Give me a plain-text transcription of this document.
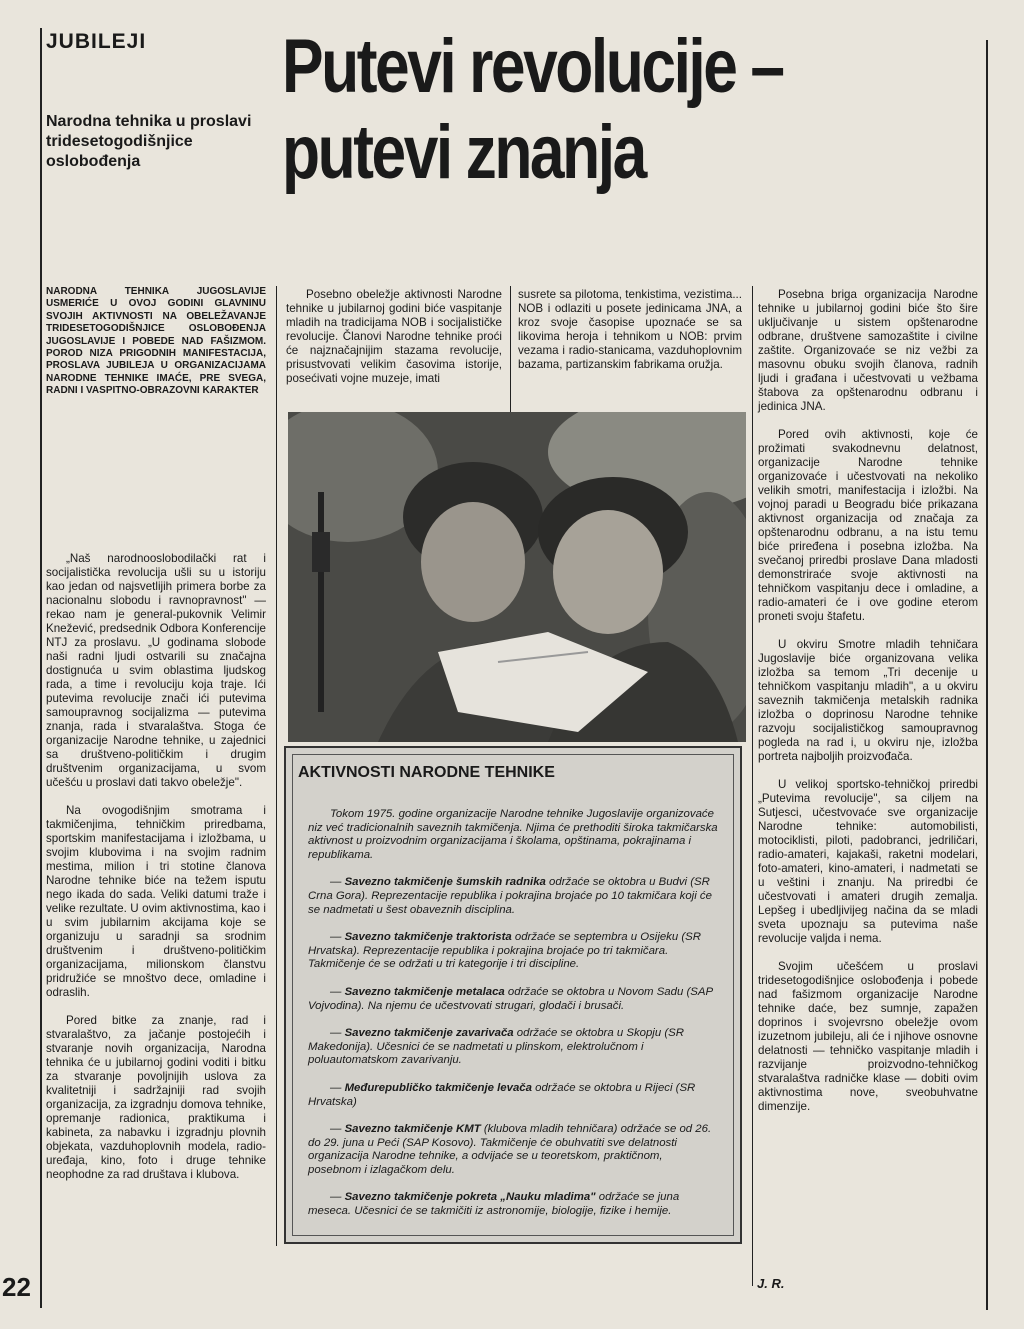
JUBILEJI
Narodna tehnika u proslavi tridesetogodišnjice oslobođenja
Putevi revolucije –
putevi znanja
NARODNA TEHNIKA JUGOSLAVIJE USMERIĆE U OVOJ GODINI GLAVNINU SVOJIH AKTIVNOSTI NA OBELEŽAVANJE TRIDESETOGODIŠNJICE OSLOBOĐENJA JUGOSLAVIJE I POBEDE NAD FAŠIZMOM. POROD NIZA PRIGODNIH MANIFESTACIJA, PROSLAVA JUBILEJA U ORGANIZACIJAMA NARODNE TEHNIKE IMAĆE, PRE SVEGA, RADNI I VASPITNO-OBRAZOVNI KARAKTER

„Naš narodnooslobodilački rat i socijalistička revolucija ušli su u istoriju kao jedan od najsvetlijih primera borbe za nacionalnu slobodu i ravnopravnost" — rekao nam je general-pukovnik Velimir Knežević, predsednik Odbora Konferencije NTJ za proslavu. „U godinama slobode naši radni ljudi ostvarili su značajna dostignuća u svim oblastima ljudskog rada, a time i revoluciju koja traje. Ići putevima revolucije znači ići putevima samoupravnog socijalizma — putevima znanja, rada i stvaralaštva. Stoga će organizacije Narodne tehnike, u zajednici sa društveno-političkim i drugim društvenim organizacijama, u svom učešću u proslavi dati takvo obeležje".

Na ovogodišnjim smotrama i takmičenjima, tehničkim priredbama, sportskim manifestacijama i izložbama, u svojim klubovima i na svojim radnim mestima, milion i tri stotine članova Narodne tehnike biće na težem isputu nego ikada do sada. Veliki datumi traže i velike rezultate. U ovim aktivnostima, kao i u svim jubilarnim akcijama koje se organizuju u saradnji sa srodnim društvenim i društveno-političkim organizacijama, milionskom članstvu pridružiće se mnoštvo dece, omladine i odraslih.

Pored bitke za znanje, rad i stvaralaštvo, za jačanje postojećih i stvaranje novih organizacija, Narodna tehnika će u jubilarnoj godini voditi i bitku za stvaranje povoljnijih uslova za kvalitetniji i sadržajniji rad svojih organizacija, za izgradnju domova tehnike, opremanje radionica, praktikuma i kabineta, za nabavku i izgradnju plovnih objekata, vazduhoplovnih modela, radio-uređaja, kino, foto i druge tehnike neophodne za rad društava i klubova.

Posebno obeležje aktivnosti Narodne tehnike u jubilarnoj godini biće vaspitanje mladih na tradicijama NOB i socijalističke revolucije. Članovi Narodne tehnike proći će najznačajnijim stazama revolucije, prisustvovati velikim časovima istorije, posećivati vojne muzeje, imati

susrete sa pilotoma, tenkistima, vezistima... NOB i odlaziti u posete jedinicama JNA, a kroz svoje časopise upoznaće se sa likovima heroja i tehnikom u NOB: prvim vezama i radio-stanicama, vazduhoplovnim bazama, partizanskim fabrikama oružja.

AKTIVNOSTI NARODNE TEHNIKE

Tokom 1975. godine organizacije Narodne tehnike Jugoslavije organizovaće niz već tradicionalnih saveznih takmičenja. Njima će prethoditi široka takmičarska aktivnost u proizvodnim organizacijama i školama, opštinama, pokrajinama i republikama.

— Savezno takmičenje šumskih radnika održaće se oktobra u Budvi (SR Crna Gora). Reprezentacije republika i pokrajina brojaće po 10 takmičara koji će se nadmetati u šest obaveznih disciplina.

— Savezno takmičenje traktorista održaće se septembra u Osijeku (SR Hrvatska). Reprezentacije republika i pokrajina brojaće po tri takmičara. Takmičenje će se održati u tri kategorije i tri discipline.

— Savezno takmičenje metalaca održaće se oktobra u Novom Sadu (SAP Vojvodina). Na njemu će učestvovati strugari, glodači i brusači.

— Savezno takmičenje zavarivača održaće se oktobra u Skopju (SR Makedonija). Učesnici će se nadmetati u plinskom, elektrolučnom i poluautomatskom zavarivanju.

— Međurepubličko takmičenje levača održaće se oktobra u Rijeci (SR Hrvatska)

— Savezno takmičenje KMT (klubova mladih tehničara) održaće se od 26. do 29. juna u Peći (SAP Kosovo). Takmičenje će obuhvatiti sve delatnosti organizacija Narodne tehnike, a odvijaće se u teoretskom, praktičnom, posebnom i izlagačkom delu.

— Savezno takmičenje pokreta „Nauku mladima" održaće se juna meseca. Učesnici će se takmičiti iz astronomije, biologije, fizike i hemije.

Posebna briga organizacija Narodne tehnike u jubilarnoj godini biće što šire uključivanje u sistem opštenarodne odbrane, društvene samozaštite i civilne zaštite. Organizovaće se niz vežbi za masovnu obuku svojih članova, radnih ljudi i građana i učestvovati u vežbama štabova za opštenarodnu odbranu i jedinica JNA.

Pored ovih aktivnosti, koje će prožimati svakodnevnu delatnost, organizacije Narodne tehnike organizovaće i učestvovati na nekoliko velikih smotri, manifestacija i izložbi. Na vojnoj paradi u Beogradu biće prikazana aktivnost organizacija od značaja za opštenarodnu odbranu, a na istu temu biće priređena i posebna izložba. Na svečanoj priredbi proslave Dana mladosti demonstriraće svoje aktivnosti na tehničkom vaspitanju dece i omladine, a radio-amateri će i ove godine eterom proneti svoju štafetu.

U okviru Smotre mladih tehničara Jugoslavije biće organizovana velika izložba sa temom „Tri decenije u tehničkom vaspitanju mladih", a u okviru saveznih takmičenja metalskih radnika izložba o doprinosu Narodne tehnike razvoju socijalističkog samoupravnog pogleda na rad i, u okviru nje, izložba portreta najboljih proizvođača.

U velikoj sportsko-tehničkoj priredbi „Putevima revolucije", sa ciljem na Sutjesci, učestvovaće sve organizacije Narodne tehnike: automobilisti, motociklisti, piloti, padobranci, jedriličari, radio-amateri, kajakaši, raketni modelari, foto-amateri, kino-amateri, i nadmetati se u veštini i znanju. Na priredbi će učestvovati i amateri drugih zemalja. Lepšeg i ubedljivijeg načina da se mladi sveta upoznaju sa putevima naše revolucije valjda i nema.

Svojim učešćem u proslavi tridesetogodišnjice oslobođenja i pobede nad fašizmom organizacije Narodne tehnike daće, bez sumnje, zapažen doprinos i svojevrsno obeležje ovom izuzetnom jubileju, ali će i njihove osnovne delatnosti — tehničko vaspitanje mladih i razvijanje proizvodno-tehničkog stvaralaštva radničke klase — dobiti ovim aktivnostima nove, sveobuhvatne dimenzije.

J. R.
22
